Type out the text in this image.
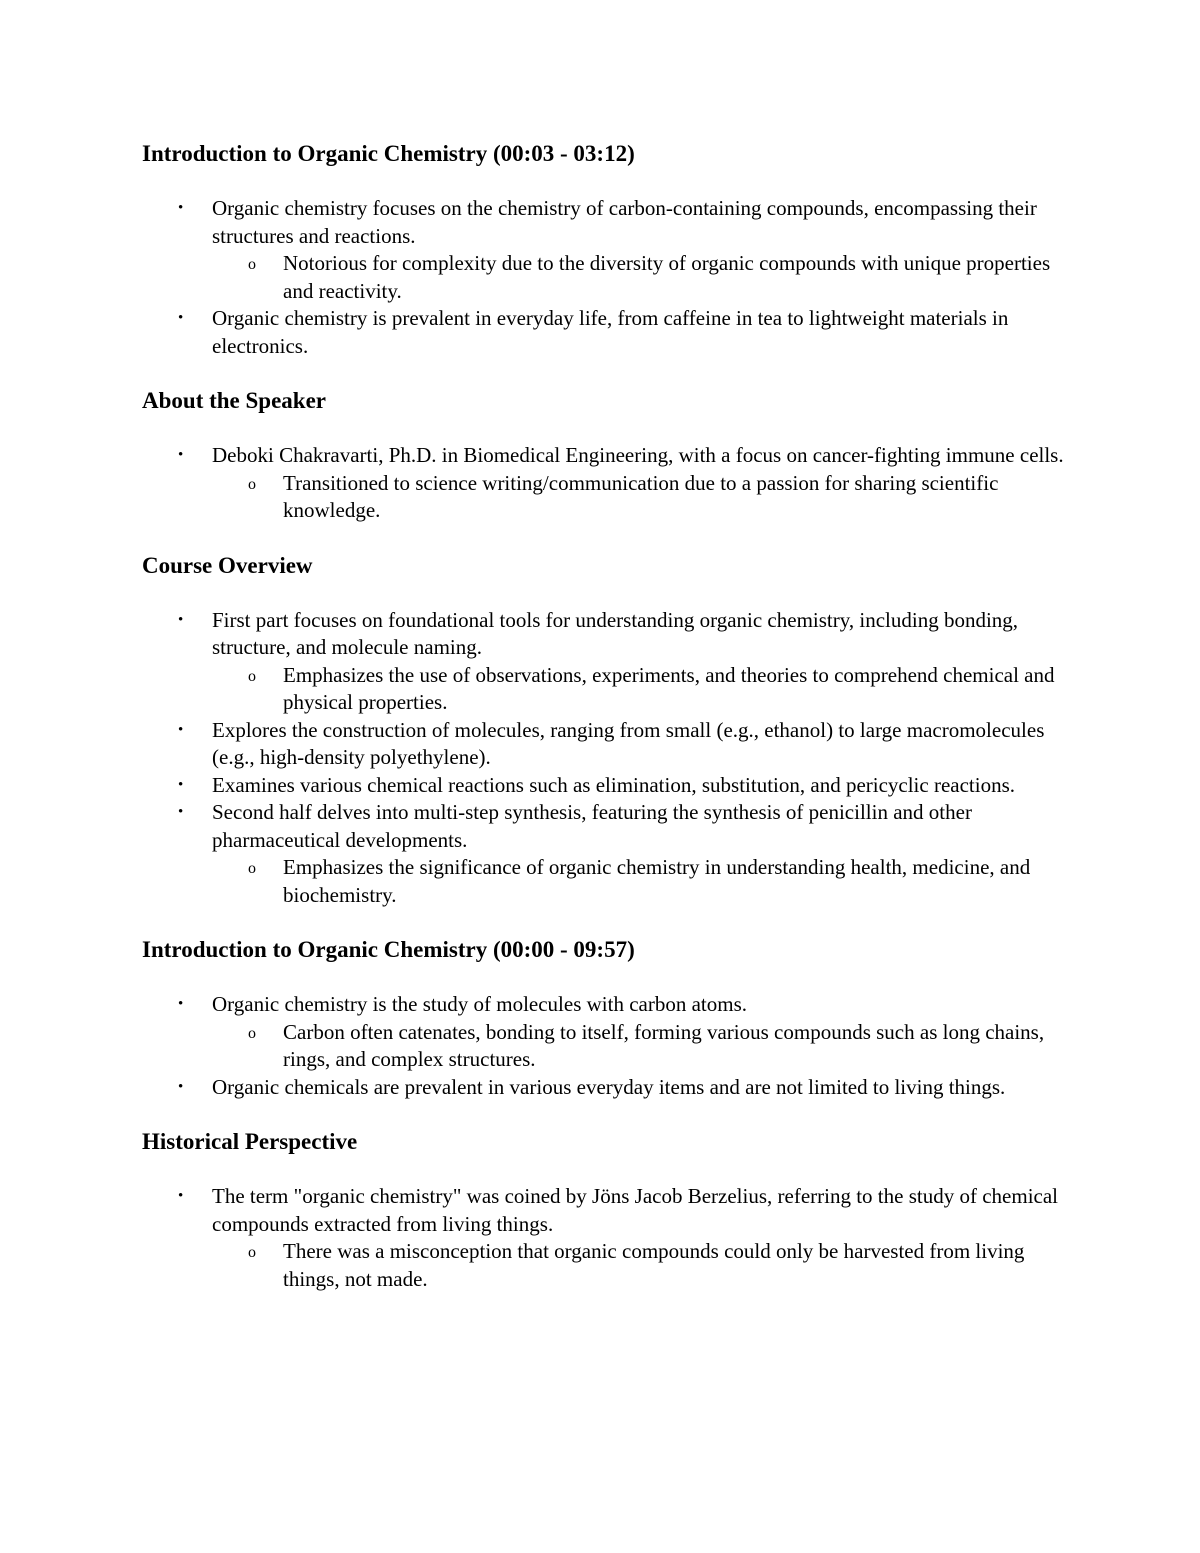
Introduction to Organic Chemistry (00:03 - 03:12)
• Organic chemistry focuses on the chemistry of carbon-containing compounds, encompassing their structures and reactions.
o Notorious for complexity due to the diversity of organic compounds with unique properties and reactivity.
• Organic chemistry is prevalent in everyday life, from caffeine in tea to lightweight materials in electronics.
About the Speaker
• Deboki Chakravarti, Ph.D. in Biomedical Engineering, with a focus on cancer-fighting immune cells.
o Transitioned to science writing/communication due to a passion for sharing scientific knowledge.
Course Overview
• First part focuses on foundational tools for understanding organic chemistry, including bonding, structure, and molecule naming.
o Emphasizes the use of observations, experiments, and theories to comprehend chemical and physical properties.
• Explores the construction of molecules, ranging from small (e.g., ethanol) to large macromolecules (e.g., high-density polyethylene).
• Examines various chemical reactions such as elimination, substitution, and pericyclic reactions.
• Second half delves into multi-step synthesis, featuring the synthesis of penicillin and other pharmaceutical developments.
o Emphasizes the significance of organic chemistry in understanding health, medicine, and biochemistry.
Introduction to Organic Chemistry (00:00 - 09:57)
• Organic chemistry is the study of molecules with carbon atoms.
o Carbon often catenates, bonding to itself, forming various compounds such as long chains, rings, and complex structures.
• Organic chemicals are prevalent in various everyday items and are not limited to living things.
Historical Perspective
• The term "organic chemistry" was coined by Jöns Jacob Berzelius, referring to the study of chemical compounds extracted from living things.
o There was a misconception that organic compounds could only be harvested from living things, not made.
